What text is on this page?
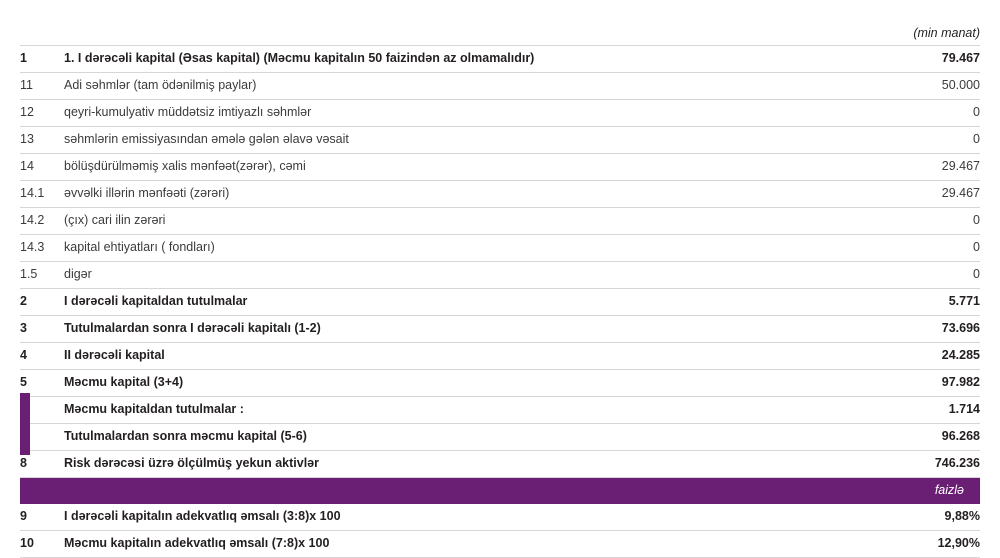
		(min manat)
1	1. I dərəcəli kapital (Əsas kapital) (Məcmu kapitalın 50 faizindən az olmamalıdır)	79.467
11	Adi səhmlər (tam ödənilmiş paylar)	50.000
12	qeyri-kumulyativ müddətsiz imtiyazlı səhmlər	0
13	səhmlərin emissiyasından əmələ gələn əlavə vəsait	0
14	bölüşdürülməmiş xalis mənfəət(zərər), cəmi	29.467
14.1	əvvəlki illərin mənfəəti (zərəri)	29.467
14.2	(çıx) cari ilin zərəri	0
14.3	kapital ehtiyatları ( fondları)	0
1.5	digər	0
2	I dərəcəli kapitaldan tutulmalar	5.771
3	Tutulmalardan sonra I dərəcəli kapitalı (1-2)	73.696
4	II dərəcəli kapital	24.285
5	Məcmu kapital (3+4)	97.982
	Məcmu kapitaldan tutulmalar :	1.714
	Tutulmalardan sonra məcmu kapital (5-6)	96.268
8	Risk dərəcəsi üzrə ölçülmüş yekun aktivlər	746.236
		faizlə
9	I dərəcəli kapitalın adekvatlıq əmsalı (3:8)x 100	9,88%
10	Məcmu kapitalın adekvatlıq əmsalı (7:8)x 100	12,90%
